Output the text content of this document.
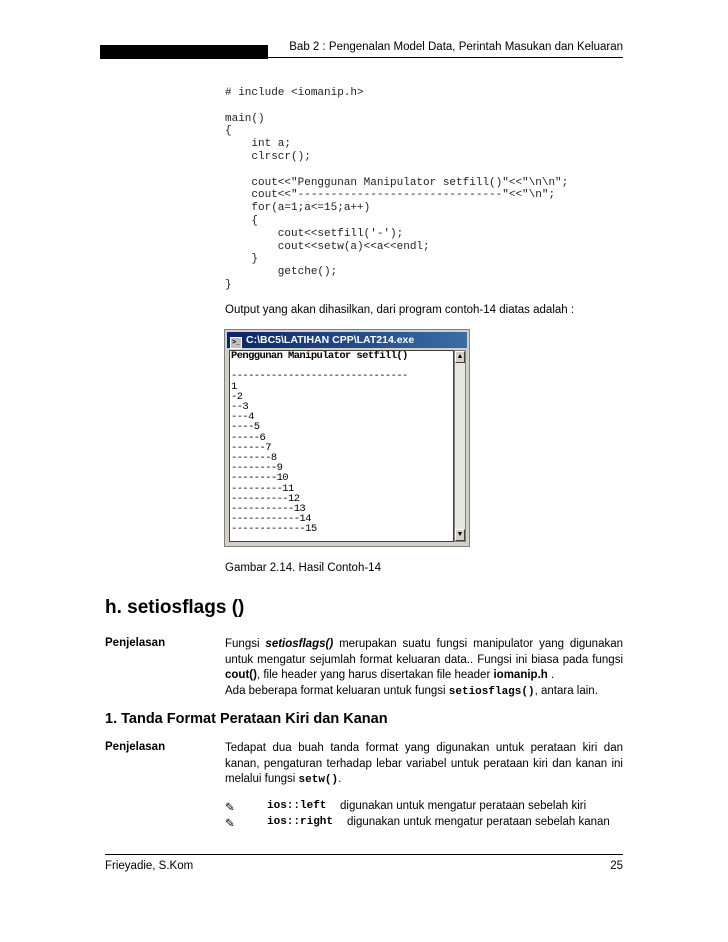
Bab 2 : Pengenalan Model Data, Perintah Masukan dan Keluaran
# include <iomanip.h>

main()
{
int a;
clrscr();

cout<<"Penggunan Manipulator setfill()"<<"\n\n";
cout<<"-------------------------------"<<"\n";
for(a=1;a<=15;a++)
{
cout<<setfill('-');
cout<<setw(a)<<a<<endl;
}
getche();
}
Output yang akan dihasilkan, dari program contoh-14 diatas adalah :
>_ C:\BC5\LATIHAN CPP\LAT214.exe
Penggunan Manipulator setfill()

-------------------------------
1
-2
--3
---4
----5
-----6
------7
-------8
--------9
--------10
---------11
----------12
-----------13
------------14
-------------15
▲
▼
Gambar 2.14. Hasil Contoh-14
h. setiosflags ()
Penjelasan	Fungsi setiosflags() merupakan suatu fungsi manipulator yang digunakan untuk mengatur sejumlah format keluaran data.. Fungsi ini biasa pada fungsi cout(), file header yang harus disertakan file header iomanip.h .
Ada beberapa format keluaran untuk fungsi setiosflags(), antara lain.
1. Tanda Format Perataan Kiri dan Kanan
Penjelasan	Tedapat dua buah tanda format yang digunakan untuk perataan kiri dan kanan, pengaturan terhadap lebar variabel untuk perataan kiri dan kanan ini melalui fungsi setw().
✎	ios::left digunakan untuk mengatur perataan sebelah kiri
✎	ios::right digunakan untuk mengatur perataan sebelah kanan
Frieyadie, S.Kom	25
